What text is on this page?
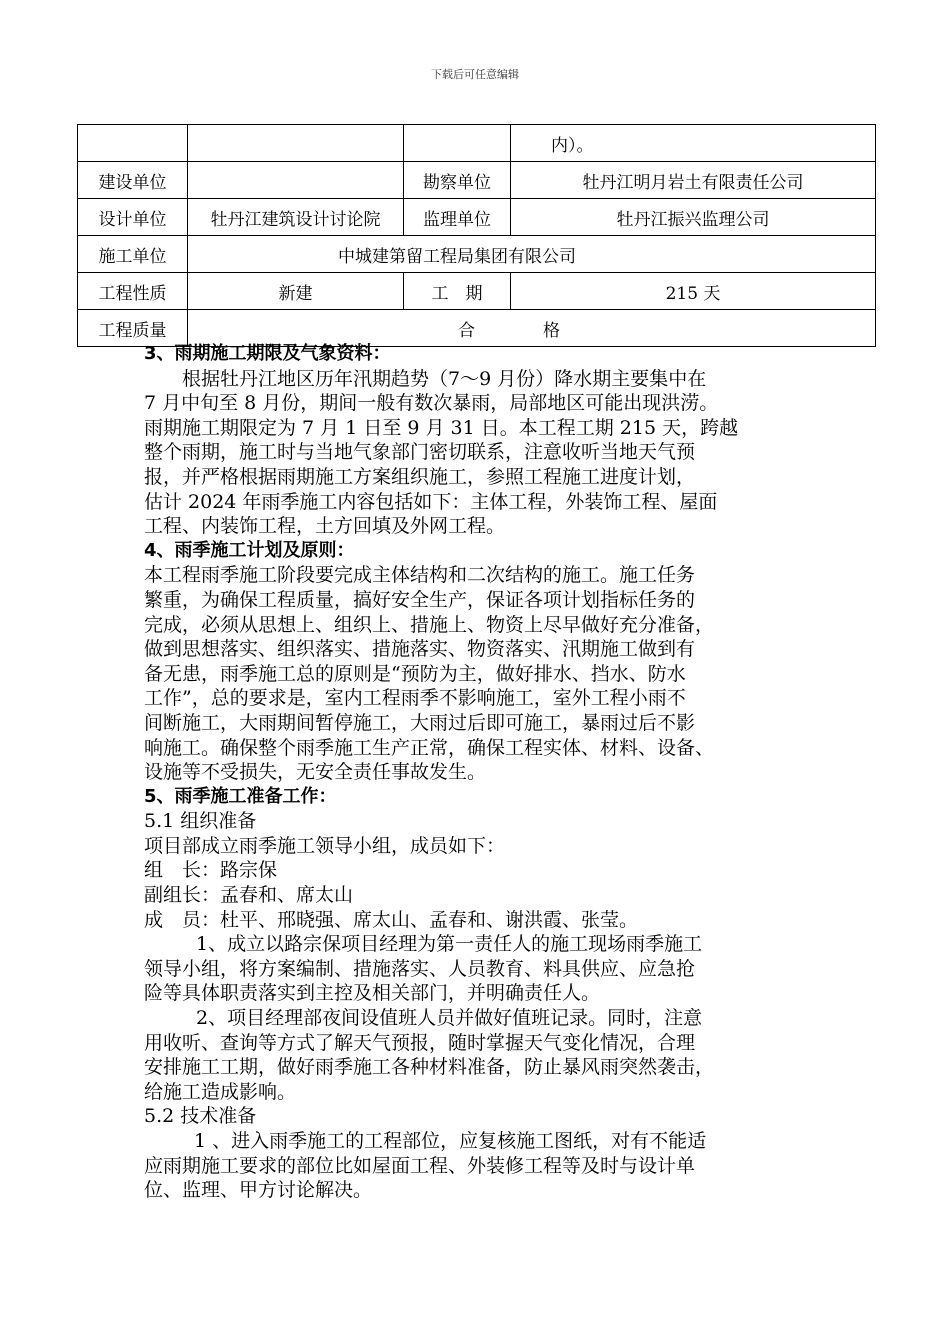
下载后可任意编辑
			内）。
建设单位		勘察单位	牡丹江明月岩土有限责任公司
设计单位	牡丹江建筑设计讨论院	监理单位	牡丹江振兴监理公司
施工单位	中城建第留工程局集团有限公司		
工程性质	新建	工　期	215 天
工程质量	合　　　　格		

3、雨期施工期限及气象资料：

根据牡丹江地区历年汛期趋势（7～9 月份）降水期主要集中在

7 月中旬至 8 月份，期间一般有数次暴雨，局部地区可能出现洪涝。

雨期施工期限定为 7 月 1 日至 9 月 31 日。本工程工期 215 天，跨越

整个雨期，施工时与当地气象部门密切联系，注意收听当地天气预

报，并严格根据雨期施工方案组织施工，参照工程施工进度计划，

估计 2024 年雨季施工内容包括如下：主体工程，外装饰工程、屋面

工程、内装饰工程，土方回填及外网工程。

4、雨季施工计划及原则：

本工程雨季施工阶段要完成主体结构和二次结构的施工。施工任务

繁重，为确保工程质量，搞好安全生产，保证各项计划指标任务的

完成，必须从思想上、组织上、措施上、物资上尽早做好充分准备，

做到思想落实、组织落实、措施落实、物资落实、汛期施工做到有

备无患，雨季施工总的原则是“预防为主，做好排水、挡水、防水

工作”，总的要求是，室内工程雨季不影响施工，室外工程小雨不

间断施工，大雨期间暂停施工，大雨过后即可施工，暴雨过后不影

响施工。确保整个雨季施工生产正常，确保工程实体、材料、设备、

设施等不受损失，无安全责任事故发生。

5、雨季施工准备工作：

5.1 组织准备

项目部成立雨季施工领导小组，成员如下：

组　长：路宗保

副组长：孟春和、席太山

成　员：杜平、邢晓强、席太山、孟春和、谢洪霞、张莹。

1、成立以路宗保项目经理为第一责任人的施工现场雨季施工

领导小组，将方案编制、措施落实、人员教育、料具供应、应急抢

险等具体职责落实到主控及相关部门，并明确责任人。

2、项目经理部夜间设值班人员并做好值班记录。同时，注意

用收听、查询等方式了解天气预报，随时掌握天气变化情况，合理

安排施工工期，做好雨季施工各种材料准备，防止暴风雨突然袭击，

给施工造成影响。

5.2 技术准备

1 、进入雨季施工的工程部位，应复核施工图纸，对有不能适

应雨期施工要求的部位比如屋面工程、外装修工程等及时与设计单

位、监理、甲方讨论解决。
